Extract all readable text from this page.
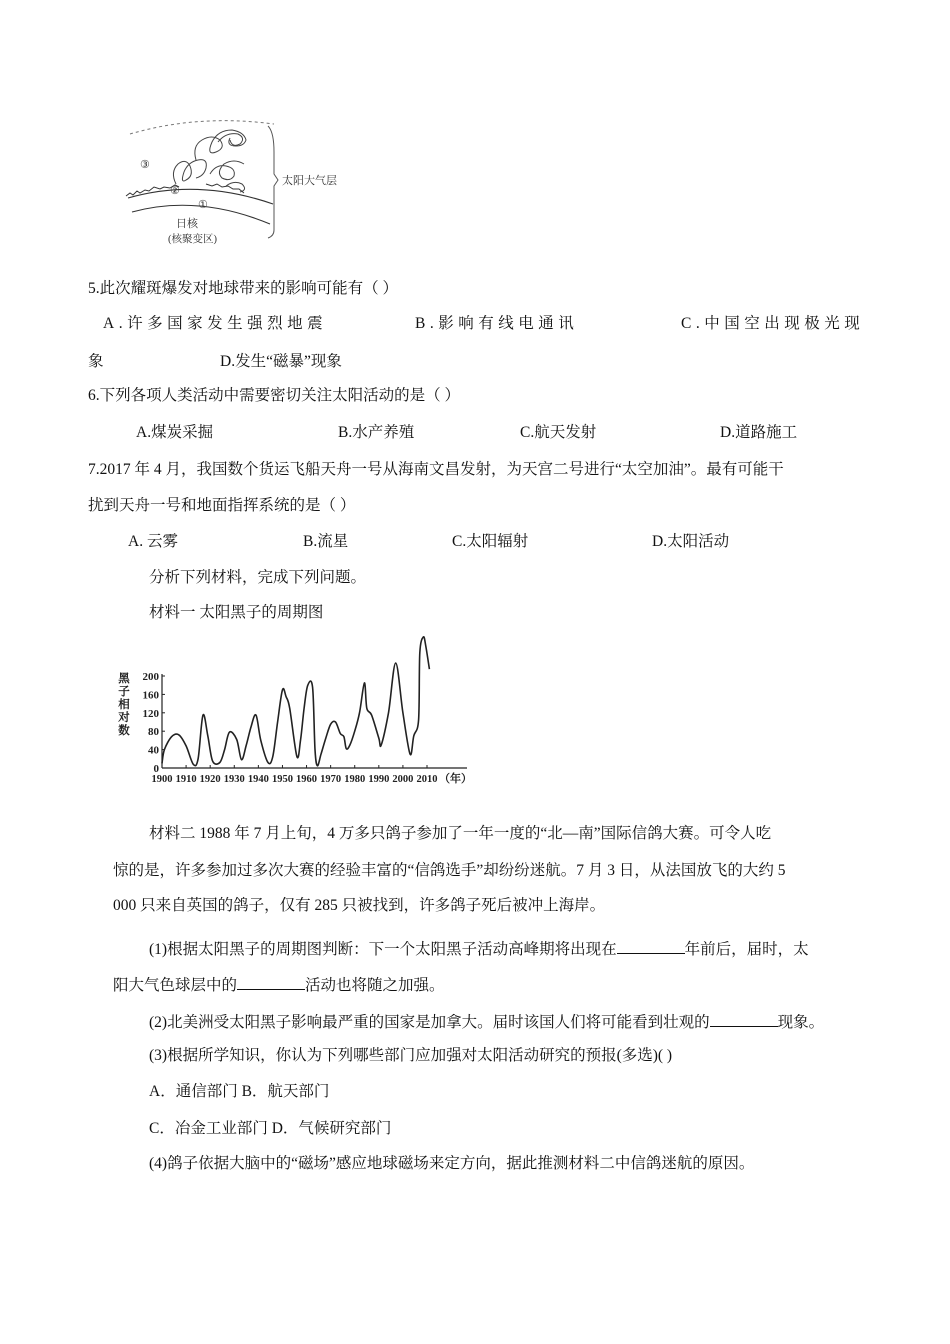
③
②
①
太阳大气层
日核
(核聚变区)
5.此次耀斑爆发对地球带来的影响可能有（ ）
A.许多国家发生强烈地震	B.影响有线电通讯	C.中国空出现极光现
象	D.发生“磁暴”现象
6.下列各项人类活动中需要密切关注太阳活动的是（ ）
A.煤炭采掘	B.水产养殖	C.航天发射	D.道路施工
7.2017 年 4 月，我国数个货运飞船天舟一号从海南文昌发射，为天宫二号进行“太空加油”。最有可能干
扰到天舟一号和地面指挥系统的是（ ）
A. 云雾	B.流星	C.太阳辐射	D.太阳活动
分析下列材料，完成下列问题。
材料一 太阳黑子的周期图
黑
子
相
对
数
0
40
80
120
160
200
1900 1910 1920 1930 1940 1950 1960 1970 1980 1990 2000 2010 （年）
材料二 1988 年 7 月上旬，4 万多只鸽子参加了一年一度的“北—南”国际信鸽大赛。可令人吃
惊的是，许多参加过多次大赛的经验丰富的“信鸽选手”却纷纷迷航。7 月 3 日，从法国放飞的大约 5
000 只来自英国的鸽子，仅有 285 只被找到，许多鸽子死后被冲上海岸。
(1)根据太阳黑子的周期图判断：下一个太阳黑子活动高峰期将出现在	年前后，届时，太
阳大气色球层中的	活动也将随之加强。
(2)北美洲受太阳黑子影响最严重的国家是加拿大。届时该国人们将可能看到壮观的	现象。
(3)根据所学知识，你认为下列哪些部门应加强对太阳活动研究的预报(多选)( )
A．通信部门 B．航天部门
C．冶金工业部门 D．气候研究部门
(4)鸽子依据大脑中的“磁场”感应地球磁场来定方向，据此推测材料二中信鸽迷航的原因。
